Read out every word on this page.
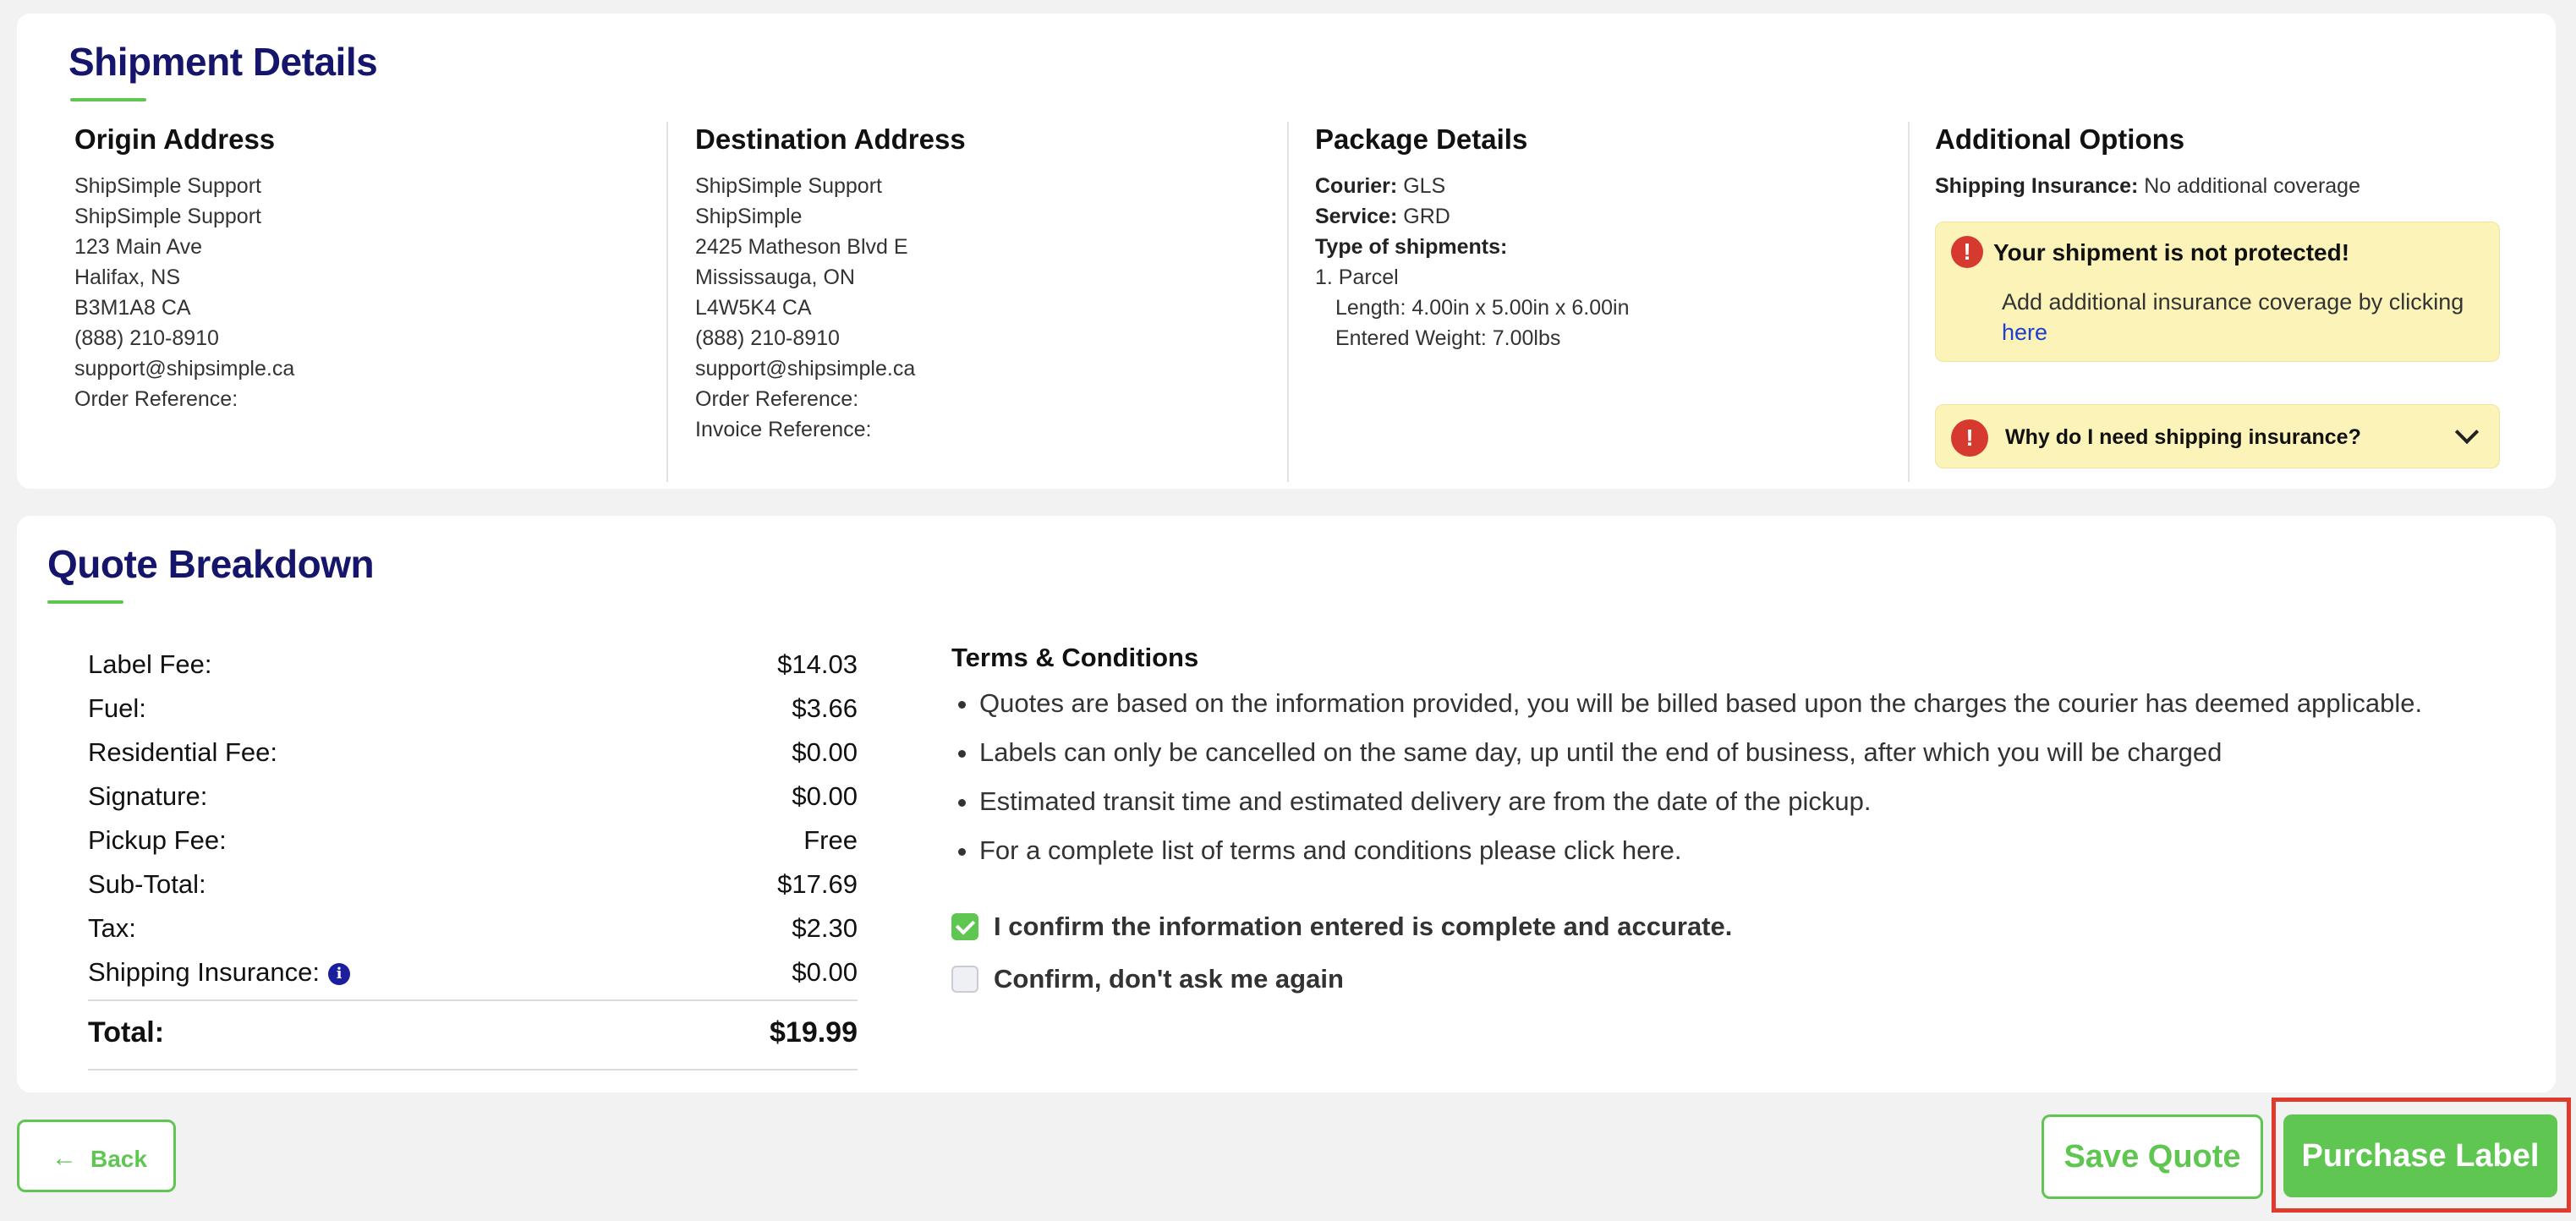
Shipment Details
Origin Address
ShipSimple Support
ShipSimple Support
123 Main Ave
Halifax, NS
B3M1A8 CA
(888) 210-8910
support@shipsimple.ca
Order Reference:
Destination Address
ShipSimple Support
ShipSimple
2425 Matheson Blvd E
Mississauga, ON
L4W5K4 CA
(888) 210-8910
support@shipsimple.ca
Order Reference:
Invoice Reference:
Package Details
Courier: GLS
Service: GRD
Type of shipments:
1. Parcel
Length: 4.00in x 5.00in x 6.00in
Entered Weight: 7.00lbs
Additional Options
Shipping Insurance: No additional coverage
! Your shipment is not protected!
Add additional insurance coverage by clicking here
!	Why do I need shipping insurance?
Quote Breakdown
Label Fee:	$14.03
Fuel:	$3.66
Residential Fee:	$0.00
Signature:	$0.00
Pickup Fee:	Free
Sub-Total:	$17.69
Tax:	$2.30
Shipping Insurance: i	$0.00
Total:	$19.99
Terms & Conditions
• Quotes are based on the information provided, you will be billed based upon the charges the courier has deemed applicable.
• Labels can only be cancelled on the same day, up until the end of business, after which you will be charged
• Estimated transit time and estimated delivery are from the date of the pickup.
• For a complete list of terms and conditions please click here.
I confirm the information entered is complete and accurate.
Confirm, don't ask me again
← Back	Save Quote	Purchase Label
